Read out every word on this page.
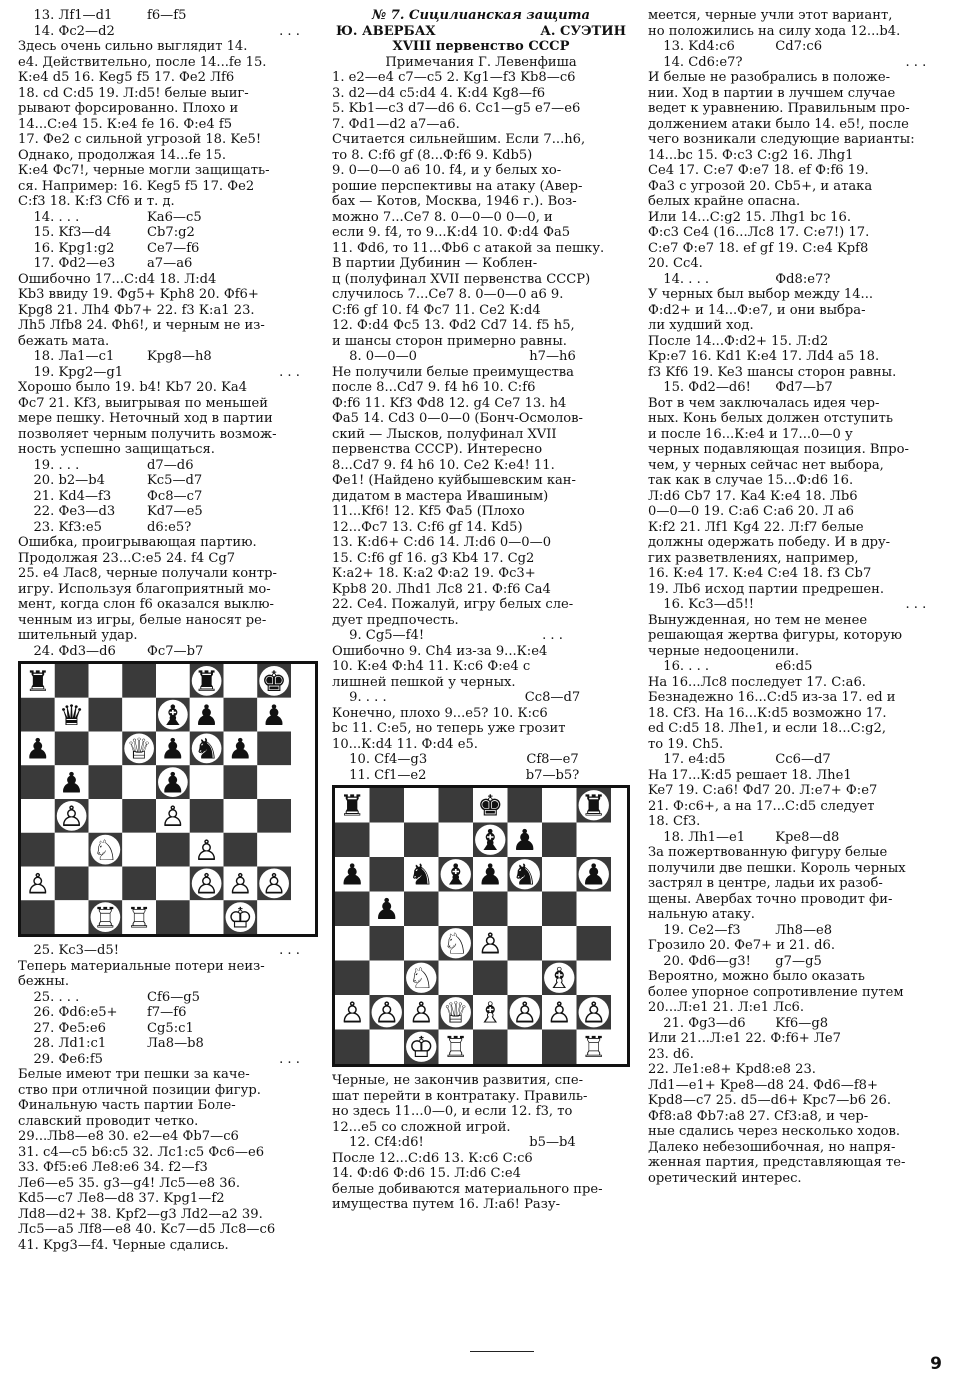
13. Лf1—d1	f6—f5
14. Фc2—d2	. . .
Здесь очень сильно выглядит 14.
e4. Действительно, после 14...fe 15.
К:e4 d5 16. Keg5 f5 17. Фe2 Лf6
18. cd С:d5 19. Л:d5! белые выиг-
рывают форсированно. Плохо и
14...С:e4 15. К:e4 fe 16. Ф:e4 f5
17. Фe2 с сильной угрозой 18. Ke5!
Однако, продолжая 14...fe 15.
К:e4 Фc7!, черные могли защищать-
ся. Например: 16. Keg5 f5 17. Фe2
С:f3 18. К:f3 Cf6 и т. д.
14. . . .	Ka6—c5
15. Kf3—d4	Cb7:g2
16. Kpg1:g2	Ce7—f6
17. Фd2—e3	a7—a6
Ошибочно 17...С:d4 18. Л:d4
Kb3 ввиду 19. Фg5+ Kph8 20. Фf6+
Kpg8 21. Лh4 Фb7+ 22. f3 К:a1 23.
Лh5 Лfb8 24. Фh6!, и черным не из-
бежать мата.
18. Лa1—c1	Kpg8—h8
19. Kpg2—g1	. . .
Хорошо было 19. b4! Kb7 20. Ka4
Фc7 21. Kf3, выигрывая по меньшей
мере пешку. Неточный ход в партии
позволяет черным получить возмож-
ность успешно защищаться.
19. . . .	d7—d6
20. b2—b4	Kc5—d7
21. Kd4—f3	Фc8—c7
22. Фe3—d3	Kd7—e5
23. Kf3:e5	d6:e5?
Ошибка, проигрывающая партию.
Продолжая 23...С:e5 24. f4 Cg7
25. e4 Лac8, черные получали контр-
игру. Используя благоприятный мо-
мент, когда слон f6 оказался выклю-
ченным из игры, белые наносят ре-
шительный удар.
24. Фd3—d6	Фc7—b7
♜	♜ ♚
♛	♝ ♟ ♟
♟	♕ ♟ ♞ ♟
♟	♟
♙	♙
♘	♙
♙	♙ ♙ ♙
♖ ♖	♔
25. Kc3—d5!	. . .
Теперь материальные потери неиз-
бежны.
25. . . .	Cf6—g5
26. Фd6:e5+	f7—f6
27. Фe5:e6	Cg5:c1
28. Лd1:c1	Лa8—b8
29. Фe6:f5	. . .
Белые имеют три пешки за каче-
ство при отличной позиции фигур.
Финальную часть партии Боле-
славский проводит четко.
29...Лb8—e8 30. e2—e4 Фb7—c6
31. c4—c5 b6:c5 32. Лc1:c5 Фc6—e6
33. Фf5:e6 Лe8:e6 34. f2—f3
Лe6—e5 35. g3—g4! Лc5—e8 36.
Kd5—c7 Лe8—d8 37. Kpg1—f2
Лd8—d2+ 38. Kpf2—g3 Лd2—a2 39.
Лc5—a5 Лf8—e8 40. Kc7—d5 Лc8—c6
41. Kpg3—f4. Черные сдались.
№ 7. Сицилианская защита
Ю. АВЕРБАХ	А. СУЭТИН
XVIII первенство СССР
Примечания Г. Левенфиша
1. e2—e4 c7—c5 2. Kg1—f3 Kb8—c6
3. d2—d4 c5:d4 4. К:d4 Kg8—f6
5. Kb1—c3 d7—d6 6. Cc1—g5 e7—e6
7. Фd1—d2 a7—a6.
Считается сильнейшим. Если 7...h6,
то 8. С:f6 gf (8...Ф:f6 9. Kdb5)
9. 0—0—0 a6 10. f4, и у белых хо-
рошие перспективы на атаку (Авер-
бах — Котов, Москва, 1946 г.). Воз-
можно 7...Ce7 8. 0—0—0 0—0, и
если 9. f4, то 9...К:d4 10. Ф:d4 Фa5
11. Фd6, то 11...Фb6 с атакой за пешку.
В партии Дубинин — Коблен-
ц (полуфинал XVII первенства СССР)
случилось 7...Ce7 8. 0—0—0 a6 9.
С:f6 gf 10. f4 Фc7 11. Ce2 К:d4
12. Ф:d4 Фc5 13. Фd2 Cd7 14. f5 h5,
и шансы сторон примерно равны.
8. 0—0—0	h7—h6
Не получили белые преимущества
после 8...Cd7 9. f4 h6 10. С:f6
Ф:f6 11. Kf3 Фd8 12. g4 Ce7 13. h4
Фa5 14. Cd3 0—0—0 (Бонч-Осмолов-
ский — Лысков, полуфинал XVII
первенства СССР). Интересно
8...Cd7 9. f4 h6 10. Ce2 К:e4! 11.
Фe1! (Найдено куйбышевским кан-
дидатом в мастера Ивашиным)
11...Kf6! 12. Kf5 Фa5 (Плохо
12...Фc7 13. С:f6 gf 14. Kd5)
13. К:d6+ С:d6 14. Л:d6 0—0—0
15. С:f6 gf 16. g3 Kb4 17. Cg2
К:a2+ 18. К:a2 Ф:a2 19. Фc3+
Kpb8 20. Лhd1 Лc8 21. Ф:f6 Ca4
22. Ce4. Пожалуй, игру белых сле-
дует предпочесть.
9. Cg5—f4!	. . .
Ошибочно 9. Ch4 из-за 9...К:e4
10. К:e4 Ф:h4 11. К:c6 Ф:e4 с
лишней пешкой у черных.
9. . . .	Cc8—d7
Конечно, плохо 9...e5? 10. К:c6
bc 11. С:e5, но теперь уже грозит
10...К:d4 11. Ф:d4 e5.
10. Cf4—g3	Cf8—e7
11. Cf1—e2	b7—b5?
♜	♚	♜
♝ ♟
♟ ♞ ♝ ♟ ♞ ♟
♟
♘ ♙
♘	♗
♙ ♙ ♙ ♕ ♗ ♙ ♙ ♙
♔ ♖	♖
Черные, не закончив развития, спе-
шат перейти в контратаку. Правиль-
но здесь 11...0—0, и если 12. f3, то
12...e5 со сложной игрой.
12. Cf4:d6!	b5—b4
После 12...C:d6 13. К:c6 С:c6
14. Ф:d6 Ф:d6 15. Л:d6 С:e4
белые добиваются материального пре-
имущества путем 16. Л:a6! Разу-
меется, черные учли этот вариант,
но положились на силу хода 12...b4.
13. Kd4:c6	Cd7:c6
14. Cd6:e7?	. . .
И белые не разобрались в положе-
нии. Ход в партии в лучшем случае
ведет к уравнению. Правильным про-
должением атаки было 14. e5!, после
чего возникали следующие варианты:
14...bc 15. Ф:c3 С:g2 16. Лhg1
Ce4 17. С:e7 Ф:e7 18. ef Ф:f6 19.
Фa3 с угрозой 20. Cb5+, и атака
белых крайне опасна.
Или 14...C:g2 15. Лhg1 bc 16.
Ф:c3 Ce4 (16...Лc8 17. С:e7!) 17.
С:e7 Ф:e7 18. ef gf 19. С:e4 Kpf8
20. Cc4.
14. . . .	Фd8:e7?
У черных был выбор между 14...
Ф:d2+ и 14...Ф:e7, и они выбра-
ли худший ход.
После 14...Ф:d2+ 15. Л:d2
Kp:e7 16. Kd1 К:e4 17. Лd4 a5 18.
f3 Kf6 19. Ke3 шансы сторон равны.
15. Фd2—d6!	Фd7—b7
Вот в чем заключалась идея чер-
ных. Конь белых должен отступить
и после 16...К:e4 и 17...0—0 у
черных подавляющая позиция. Впро-
чем, у черных сейчас нет выбора,
так как в случае 15...Ф:d6 16.
Л:d6 Cb7 17. Ka4 К:e4 18. Лb6
0—0—0 19. С:a6 С:a6 20. Л a6
К:f2 21. Лf1 Kg4 22. Л:f7 белые
должны одержать победу. И в дру-
гих разветвлениях, например,
16. К:e4 17. К:e4 С:e4 18. f3 Cb7
19. Лb6 исход партии предрешен.
16. Kc3—d5!!	. . .
Вынужденная, но тем не менее
решающая жертва фигуры, которую
черные недооценили.
16. . . .	e6:d5
На 16...Лc8 последует 17. С:a6.
Безнадежно 16...С:d5 из-за 17. ed и
18. Cf3. На 16...К:d5 возможно 17.
ed С:d5 18. Лhe1, и если 18...С:g2,
то 19. Ch5.
17. e4:d5	Cc6—d7
На 17...К:d5 решает 18. Лhe1
Ke7 19. С:a6! Фd7 20. Л:e7+ Ф:e7
21. Ф:c6+, а на 17...С:d5 следует
18. Cf3.
18. Лh1—e1	Kpe8—d8
За пожертвованную фигуру белые
получили две пешки. Король черных
застрял в центре, ладьи их разоб-
щены. Авербах точно проводит фи-
нальную атаку.
19. Ce2—f3	Лh8—e8
Грозило 20. Фe7+ и 21. d6.
20. Фd6—g3!	g7—g5
Вероятно, можно было оказать
более упорное сопротивление путем
20...Л:e1 21. Л:e1 Лc6.
21. Фg3—d6	Kf6—g8
Или 21...Л:e1 22. Ф:f6+ Лe7
23. d6.
22. Лe1:e8+ Kpd8:e8 23.
Лd1—e1+ Kpe8—d8 24. Фd6—f8+
Kpd8—c7 25. d5—d6+ Kpc7—b6 26.
Фf8:a8 Фb7:a8 27. Cf3:a8, и чер-
ные сдались через несколько ходов.
Далеко небезошибочная, но напря-
женная партия, представляющая те-
оретический интерес.
9
